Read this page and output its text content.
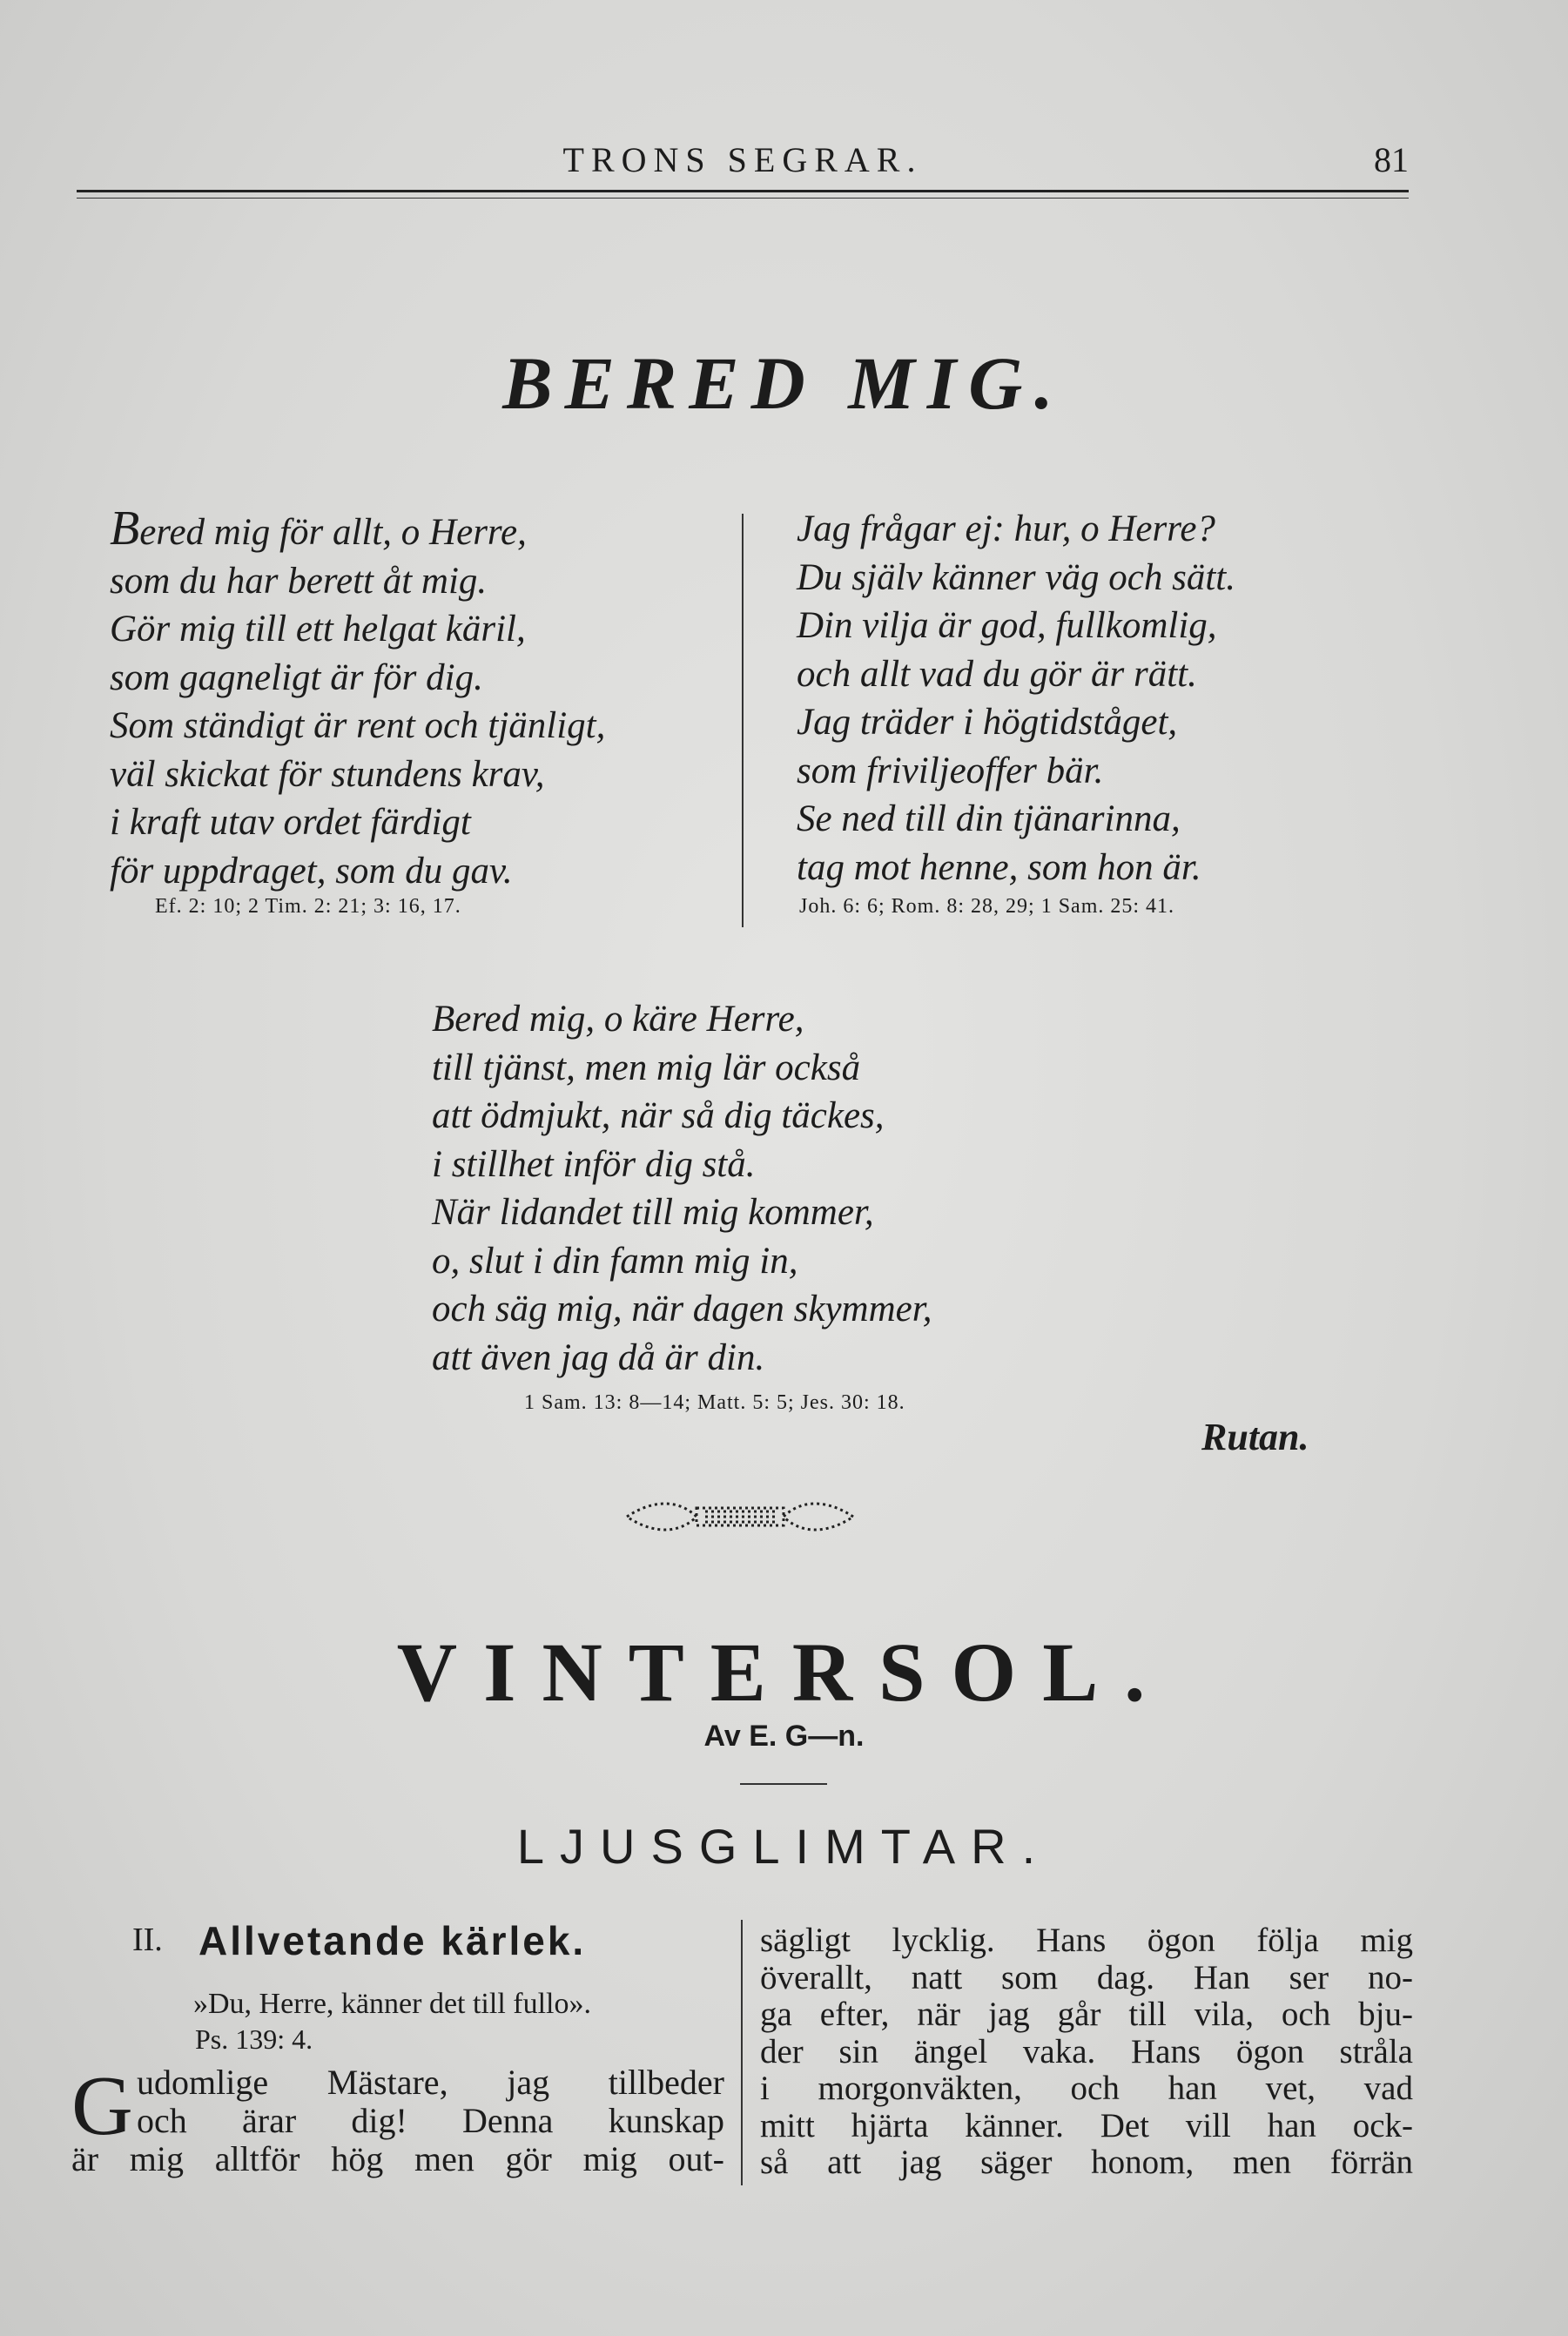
TRONS SEGRAR.	81
BERED MIG.
Bered mig för allt, o Herre,
som du har berett åt mig.
Gör mig till ett helgat käril,
som gagneligt är för dig.
Som ständigt är rent och tjänligt,
väl skickat för stundens krav,
i kraft utav ordet färdigt
för uppdraget, som du gav.
Ef. 2: 10; 2 Tim. 2: 21; 3: 16, 17.
Jag frågar ej: hur, o Herre?
Du själv känner väg och sätt.
Din vilja är god, fullkomlig,
och allt vad du gör är rätt.
Jag träder i högtidståget,
som friviljeoffer bär.
Se ned till din tjänarinna,
tag mot henne, som hon är.
Joh. 6: 6; Rom. 8: 28, 29; 1 Sam. 25: 41.
Bered mig, o käre Herre,
till tjänst, men mig lär också
att ödmjukt, när så dig täckes,
i stillhet inför dig stå.
När lidandet till mig kommer,
o, slut i din famn mig in,
och säg mig, när dagen skymmer,
att även jag då är din.
1 Sam. 13: 8—14; Matt. 5: 5; Jes. 30: 18.
Rutan.
VINTERSOL.
Av E. G—n.
LJUSGLIMTAR.
II. Allvetande kärlek.
»Du, Herre, känner det till fullo».
Ps. 139: 4.
G udomlige Mästare, jag tillbeder
och ärar dig! Denna kunskap
är mig alltför hög men gör mig out-
sägligt lycklig. Hans ögon följa mig
överallt, natt som dag. Han ser no-
ga efter, när jag går till vila, och bju-
der sin ängel vaka. Hans ögon stråla
i morgonväkten, och han vet, vad
mitt hjärta känner. Det vill han ock-
så att jag säger honom, men förrän
